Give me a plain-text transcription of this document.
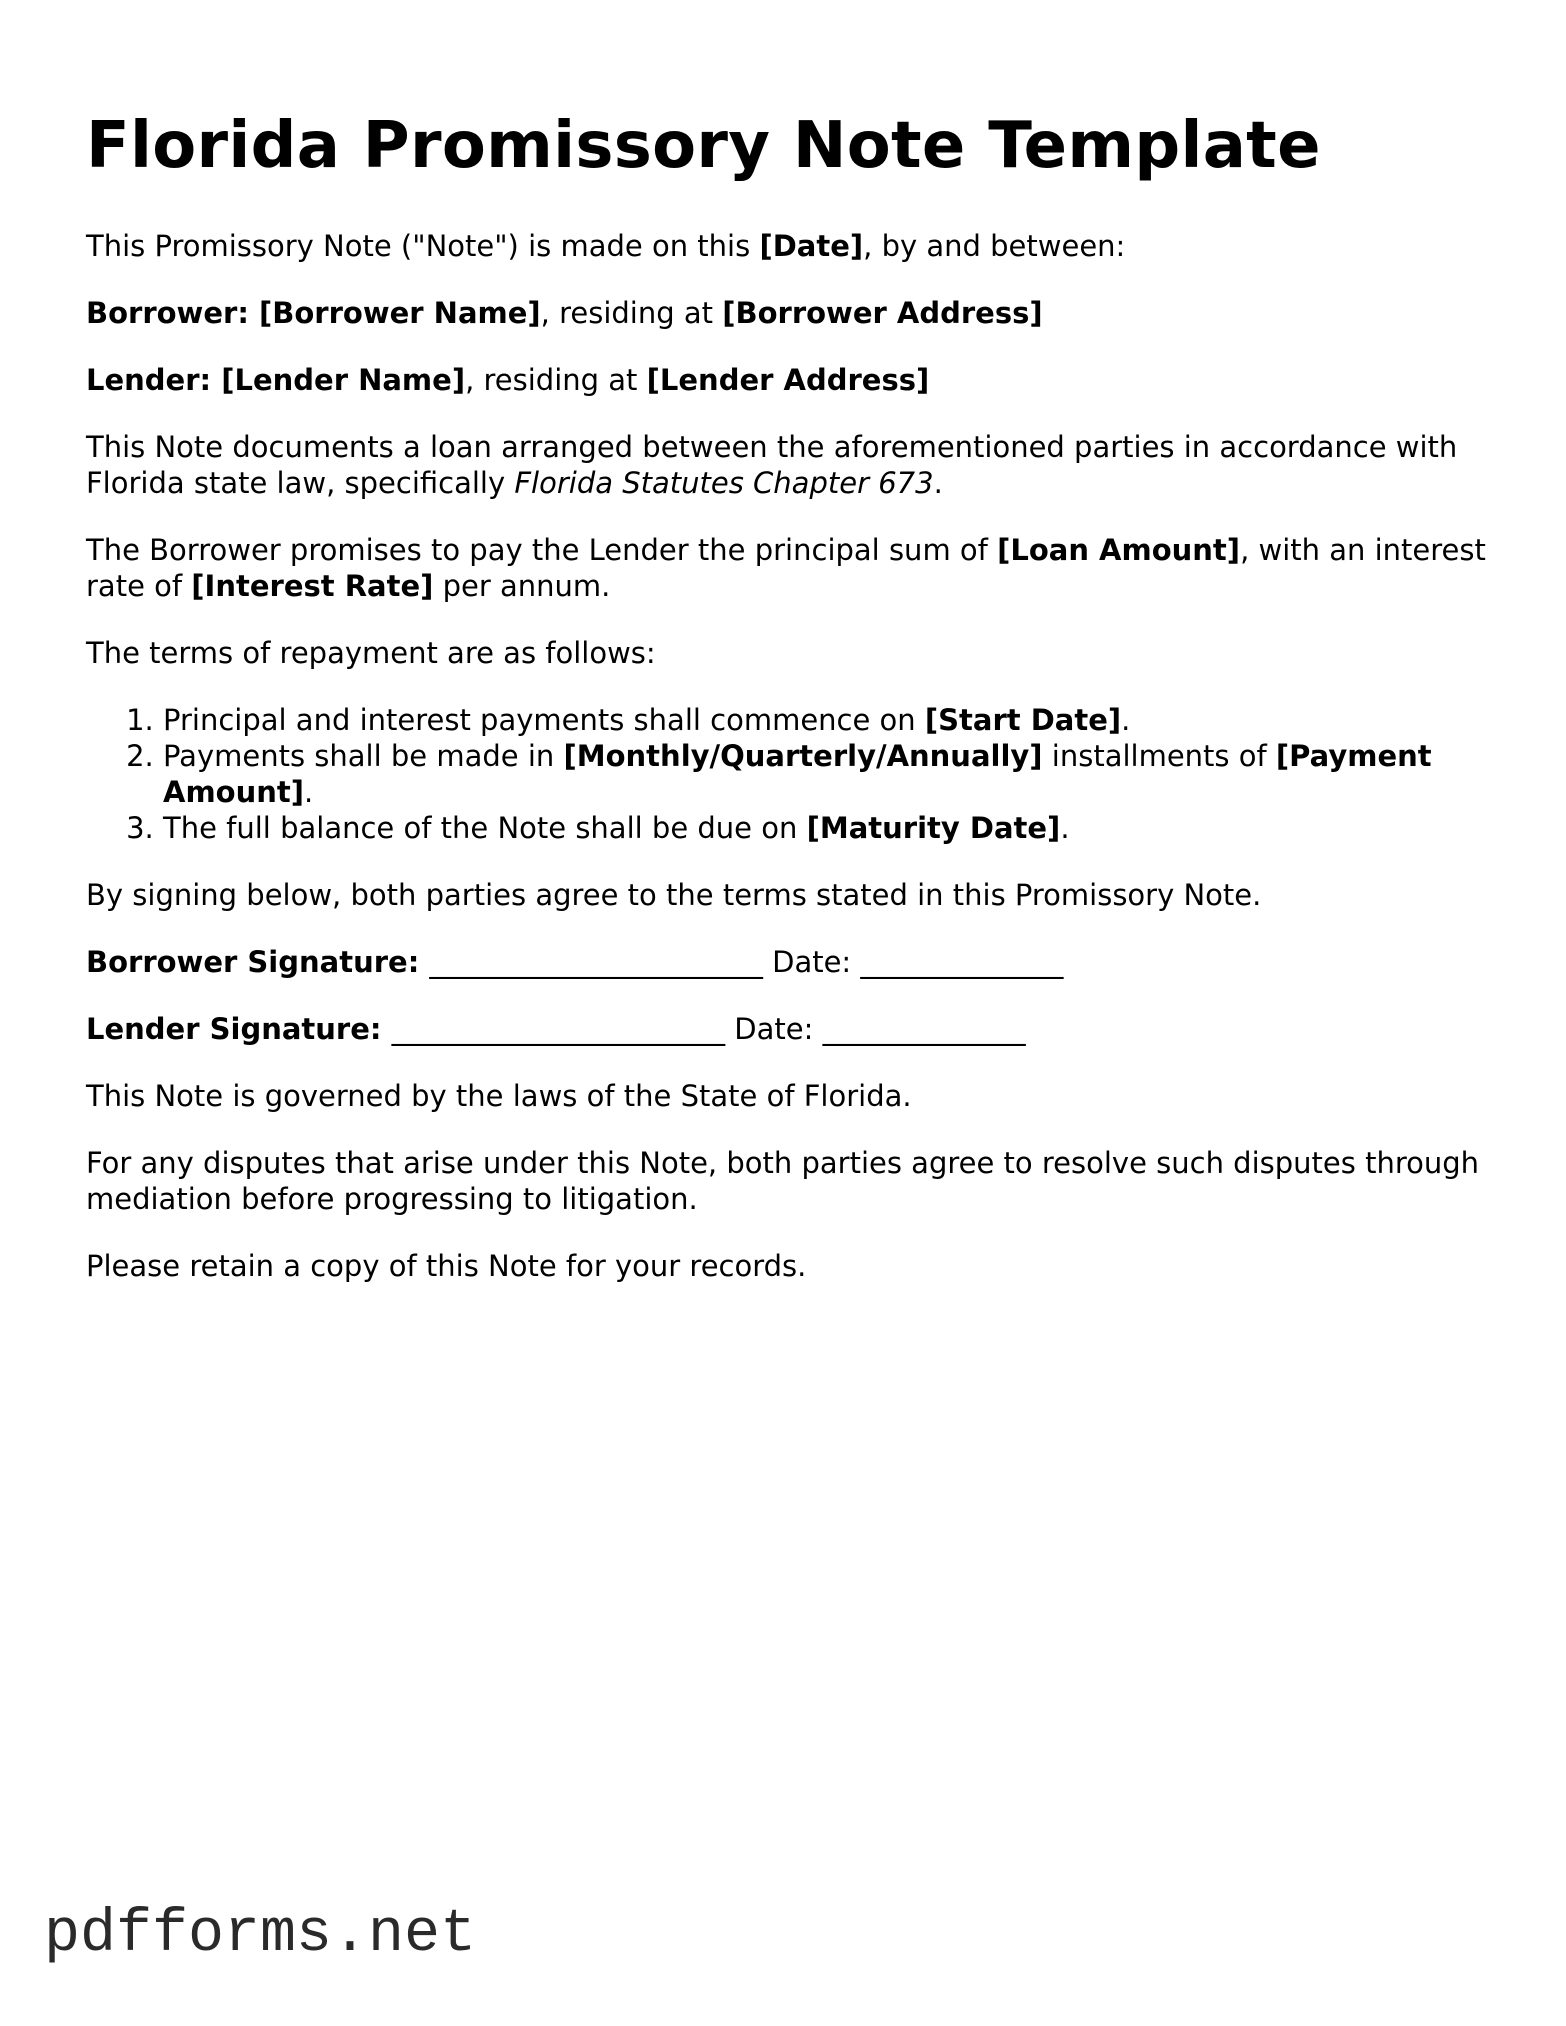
Florida Promissory Note Template

This Promissory Note ("Note") is made on this [Date], by and between:

Borrower: [Borrower Name], residing at [Borrower Address]

Lender: [Lender Name], residing at [Lender Address]

This Note documents a loan arranged between the aforementioned parties in accordance with Florida state law, specifically Florida Statutes Chapter 673.

The Borrower promises to pay the Lender the principal sum of [Loan Amount], with an interest rate of [Interest Rate] per annum.

The terms of repayment are as follows:

1. Principal and interest payments shall commence on [Start Date].
2. Payments shall be made in [Monthly/Quarterly/Annually] installments of [Payment Amount].
3. The full balance of the Note shall be due on [Maturity Date].

By signing below, both parties agree to the terms stated in this Promissory Note.

Borrower Signature: _______________________ Date: ______________

Lender Signature: _______________________ Date: ______________

This Note is governed by the laws of the State of Florida.

For any disputes that arise under this Note, both parties agree to resolve such disputes through mediation before progressing to litigation.

Please retain a copy of this Note for your records.

pdfforms.net
